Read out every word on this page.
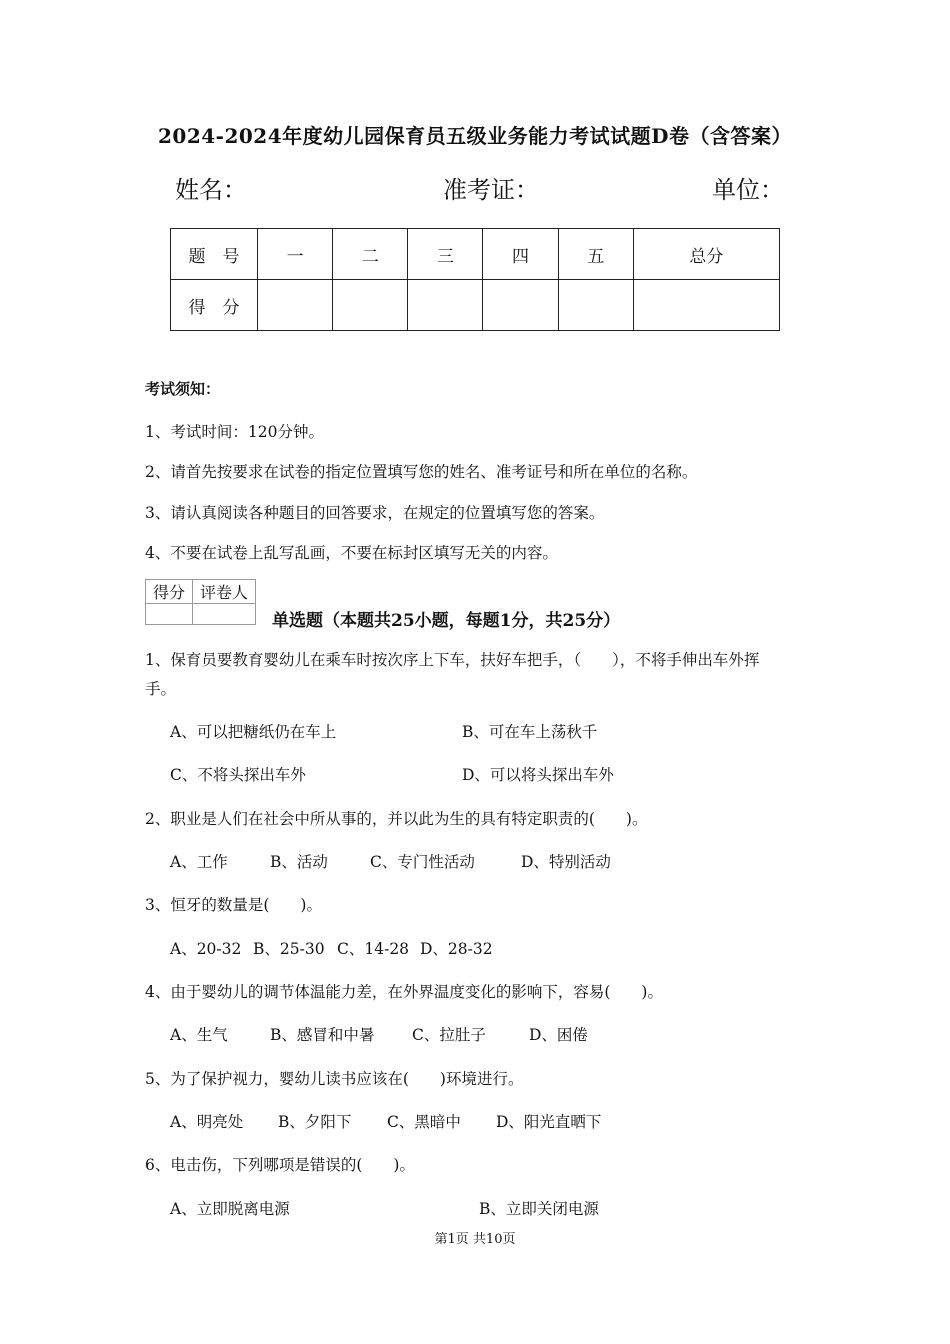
2024-2024年度幼儿园保育员五级业务能力考试试题D卷（含答案）
姓名：	准考证：	单位：
题　号	一	二	三	四	五	总分
得　分						
考试须知：
1、考试时间：120分钟。
2、请首先按要求在试卷的指定位置填写您的姓名、准考证号和所在单位的名称。
3、请认真阅读各种题目的回答要求，在规定的位置填写您的答案。
4、不要在试卷上乱写乱画，不要在标封区填写无关的内容。
得分	评卷人

单选题（本题共25小题，每题1分，共25分）
1、保育员要教育婴幼儿在乘车时按次序上下车，扶好车把手，（　　），不将手伸出车外挥
手。
A、可以把糖纸仍在车上	B、可在车上荡秋千
C、不将头探出车外	D、可以将头探出车外
2、职业是人们在社会中所从事的，并以此为生的具有特定职责的(　　)。
A、工作	B、活动	C、专门性活动	D、特别活动
3、恒牙的数量是(　　)。
A、20-32 B、25-30 C、14-28 D、28-32
4、由于婴幼儿的调节体温能力差，在外界温度变化的影响下，容易(　　)。
A、生气	B、感冒和中暑 C、拉肚子	D、困倦
5、为了保护视力，婴幼儿读书应该在(　　)环境进行。
A、明亮处 B、夕阳下 C、黑暗中 D、阳光直晒下
6、电击伤，下列哪项是错误的(　　)。
A、立即脱离电源	B、立即关闭电源
第1页 共10页
